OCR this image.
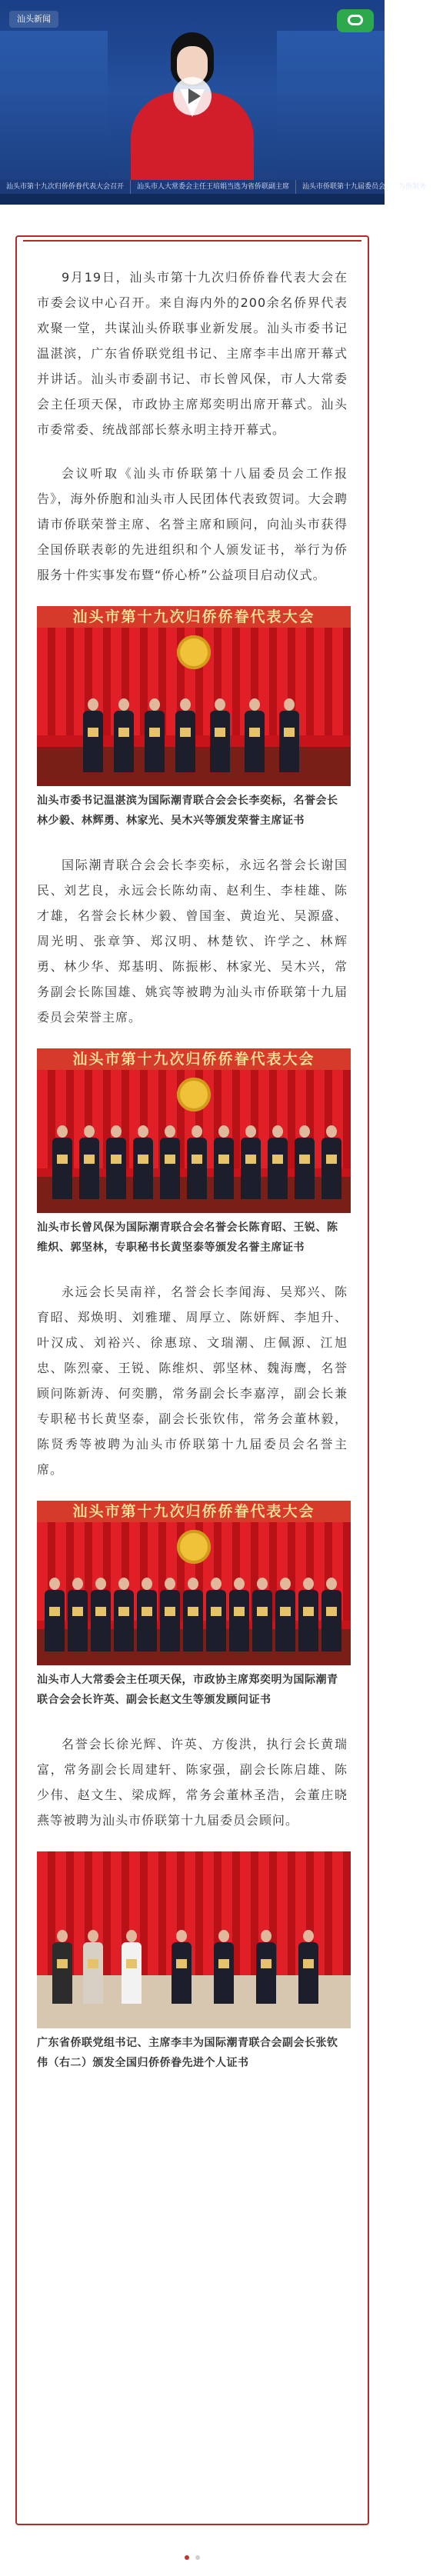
汕头新闻
汕头市第十九次归侨侨眷代表大会召开	汕头市人大常委会主任王培娟当选为省侨联副主席	汕头市侨联第十九届委员会	为侨服务

9月19日，汕头市第十九次归侨侨眷代表大会在市委会议中心召开。来自海内外的200余名侨界代表欢聚一堂，共谋汕头侨联事业新发展。汕头市委书记温湛滨，广东省侨联党组书记、主席李丰出席开幕式并讲话。汕头市委副书记、市长曾风保，市人大常委会主任项天保，市政协主席郑奕明出席开幕式。汕头市委常委、统战部部长蔡永明主持开幕式。

会议听取《汕头市侨联第十八届委员会工作报告》，海外侨胞和汕头市人民团体代表致贺词。大会聘请市侨联荣誉主席、名誉主席和顾问，向汕头市获得全国侨联表彰的先进组织和个人颁发证书，举行为侨服务十件实事发布暨“侨心桥”公益项目启动仪式。

汕头市第十九次归侨侨眷代表大会
汕头市委书记温湛滨为国际潮青联合会会长李奕标，名誉会长林少毅、林辉勇、林家光、吴木兴等颁发荣誉主席证书

国际潮青联合会会长李奕标，永远名誉会长谢国民、刘艺良，永远会长陈幼南、赵利生、李桂雄、陈才雄，名誉会长林少毅、曾国奎、黄迨光、吴源盛、周光明、张章笋、郑汉明、林楚钦、许学之、林辉勇、林少华、郑基明、陈振彬、林家光、吴木兴，常务副会长陈国雄、姚宾等被聘为汕头市侨联第十九届委员会荣誉主席。

汕头市第十九次归侨侨眷代表大会
汕头市长曾风保为国际潮青联合会名誉会长陈育昭、王锐、陈维炽、郭坚林，专职秘书长黄坚泰等颁发名誉主席证书

永远会长吴南祥，名誉会长李闻海、吴郑兴、陈育昭、郑焕明、刘雅瓘、周厚立、陈妍辉、李旭升、叶汉成、刘裕兴、徐惠琼、文瑞潮、庄佩源、江旭忠、陈烈豪、王锐、陈维炽、郭坚林、魏海鹰，名誉顾问陈新涛、何奕鹏，常务副会长李嘉淳，副会长兼专职秘书长黄坚泰，副会长张钦伟，常务会董林毅，陈贤秀等被聘为汕头市侨联第十九届委员会名誉主席。

汕头市第十九次归侨侨眷代表大会
汕头市人大常委会主任项天保，市政协主席郑奕明为国际潮青联合会会长许英、副会长赵文生等颁发顾问证书

名誉会长徐光辉、许英、方俊洪，执行会长黄瑞富，常务副会长周建轩、陈家强，副会长陈启雄、陈少伟、赵文生、梁成辉，常务会董林圣浩，会董庄晓燕等被聘为汕头市侨联第十九届委员会顾问。

广东省侨联党组书记、主席李丰为国际潮青联合会副会长张钦伟（右二）颁发全国归侨侨眷先进个人证书
